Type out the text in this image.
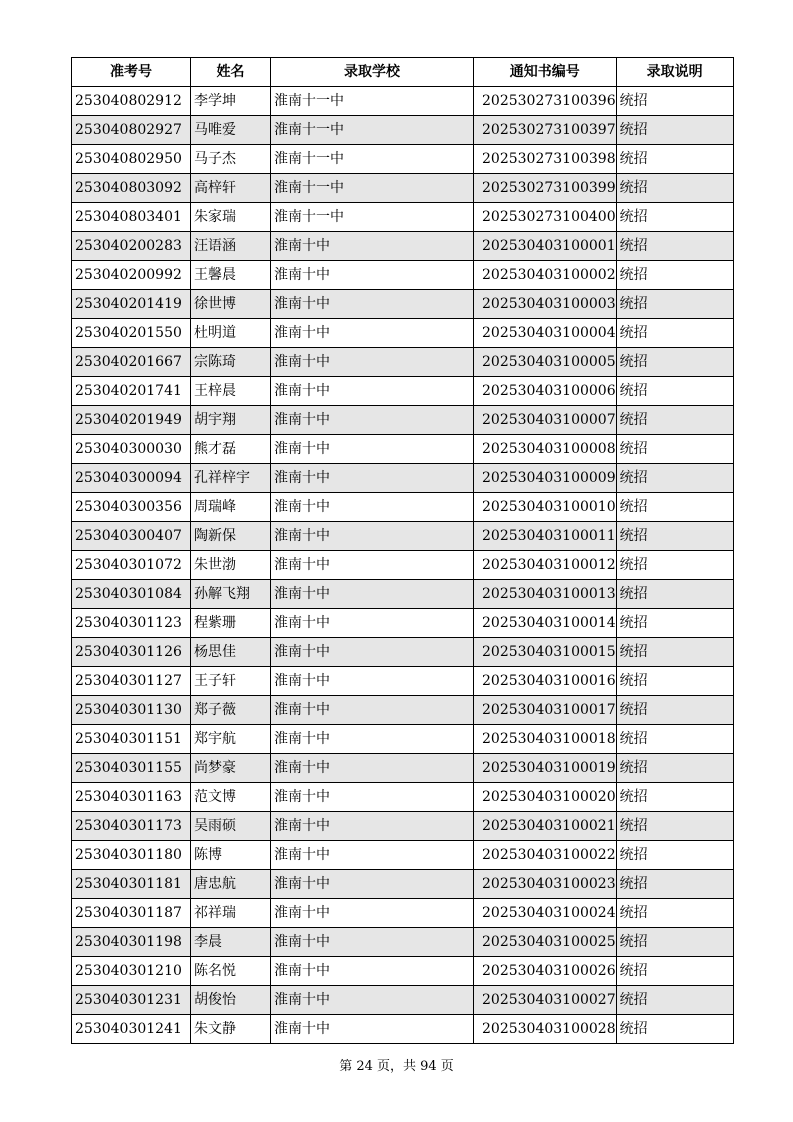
准考号	姓名	录取学校	通知书编号	录取说明
253040802912	李学坤	淮南十一中	202530273100396	统招
253040802927	马唯爱	淮南十一中	202530273100397	统招
253040802950	马子杰	淮南十一中	202530273100398	统招
253040803092	高梓轩	淮南十一中	202530273100399	统招
253040803401	朱家瑞	淮南十一中	202530273100400	统招
253040200283	汪语涵	淮南十中	202530403100001	统招
253040200992	王馨晨	淮南十中	202530403100002	统招
253040201419	徐世博	淮南十中	202530403100003	统招
253040201550	杜明道	淮南十中	202530403100004	统招
253040201667	宗陈琦	淮南十中	202530403100005	统招
253040201741	王梓晨	淮南十中	202530403100006	统招
253040201949	胡宇翔	淮南十中	202530403100007	统招
253040300030	熊才磊	淮南十中	202530403100008	统招
253040300094	孔祥梓宇	淮南十中	202530403100009	统招
253040300356	周瑞峰	淮南十中	202530403100010	统招
253040300407	陶新保	淮南十中	202530403100011	统招
253040301072	朱世渤	淮南十中	202530403100012	统招
253040301084	孙解飞翔	淮南十中	202530403100013	统招
253040301123	程紫珊	淮南十中	202530403100014	统招
253040301126	杨思佳	淮南十中	202530403100015	统招
253040301127	王子轩	淮南十中	202530403100016	统招
253040301130	郑子薇	淮南十中	202530403100017	统招
253040301151	郑宇航	淮南十中	202530403100018	统招
253040301155	尚梦豪	淮南十中	202530403100019	统招
253040301163	范文博	淮南十中	202530403100020	统招
253040301173	吴雨硕	淮南十中	202530403100021	统招
253040301180	陈博	淮南十中	202530403100022	统招
253040301181	唐忠航	淮南十中	202530403100023	统招
253040301187	祁祥瑞	淮南十中	202530403100024	统招
253040301198	李晨	淮南十中	202530403100025	统招
253040301210	陈名悦	淮南十中	202530403100026	统招
253040301231	胡俊怡	淮南十中	202530403100027	统招
253040301241	朱文静	淮南十中	202530403100028	统招
第 24 页，共 94 页
